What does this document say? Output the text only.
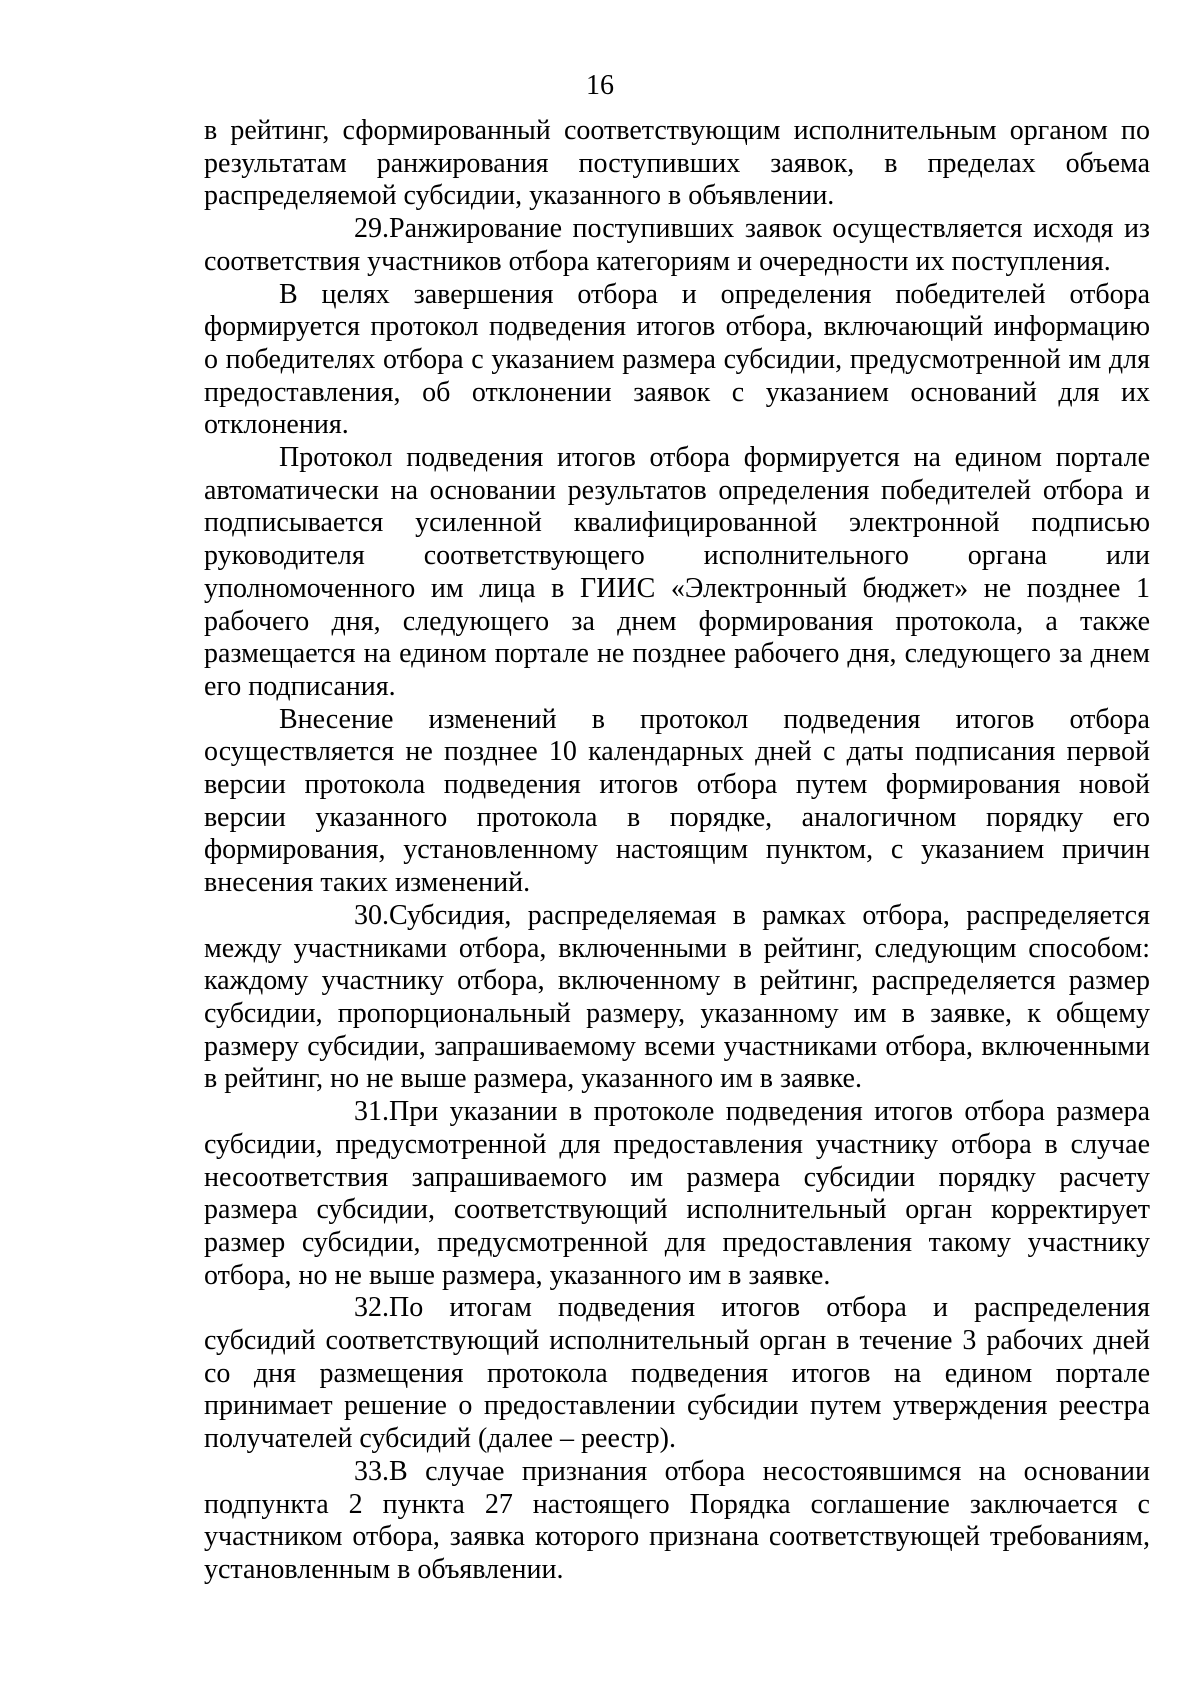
16

в рейтинг, сформированный соответствующим исполнительным органом по результатам ранжирования поступивших заявок, в пределах объема распределяемой субсидии, указанного в объявлении.

29.Ранжирование поступивших заявок осуществляется исходя из соответствия участников отбора категориям и очередности их поступления.

В целях завершения отбора и определения победителей отбора формируется протокол подведения итогов отбора, включающий информацию о победителях отбора с указанием размера субсидии, предусмотренной им для предоставления, об отклонении заявок с указанием оснований для их отклонения.

Протокол подведения итогов отбора формируется на едином портале автоматически на основании результатов определения победителей отбора и подписывается усиленной квалифицированной электронной подписью руководителя соответствующего исполнительного органа или уполномоченного им лица в ГИИС «Электронный бюджет» не позднее 1 рабочего дня, следующего за днем формирования протокола, а также размещается на едином портале не позднее рабочего дня, следующего за днем его подписания.

Внесение изменений в протокол подведения итогов отбора осуществляется не позднее 10 календарных дней с даты подписания первой версии протокола подведения итогов отбора путем формирования новой версии указанного протокола в порядке, аналогичном порядку его формирования, установленному настоящим пунктом, с указанием причин внесения таких изменений.

30.Субсидия, распределяемая в рамках отбора, распределяется между участниками отбора, включенными в рейтинг, следующим способом: каждому участнику отбора, включенному в рейтинг, распределяется размер субсидии, пропорциональный размеру, указанному им в заявке, к общему размеру субсидии, запрашиваемому всеми участниками отбора, включенными в рейтинг, но не выше размера, указанного им в заявке.

31.При указании в протоколе подведения итогов отбора размера субсидии, предусмотренной для предоставления участнику отбора в случае несоответствия запрашиваемого им размера субсидии порядку расчету размера субсидии, соответствующий исполнительный орган корректирует размер субсидии, предусмотренной для предоставления такому участнику отбора, но не выше размера, указанного им в заявке.

32.По итогам подведения итогов отбора и распределения субсидий соответствующий исполнительный орган в течение 3 рабочих дней со дня размещения протокола подведения итогов на едином портале принимает решение о предоставлении субсидии путем утверждения реестра получателей субсидий (далее – реестр).

33.В случае признания отбора несостоявшимся на основании подпункта 2 пункта 27 настоящего Порядка соглашение заключается с участником отбора, заявка которого признана соответствующей требованиям, установленным в объявлении.
